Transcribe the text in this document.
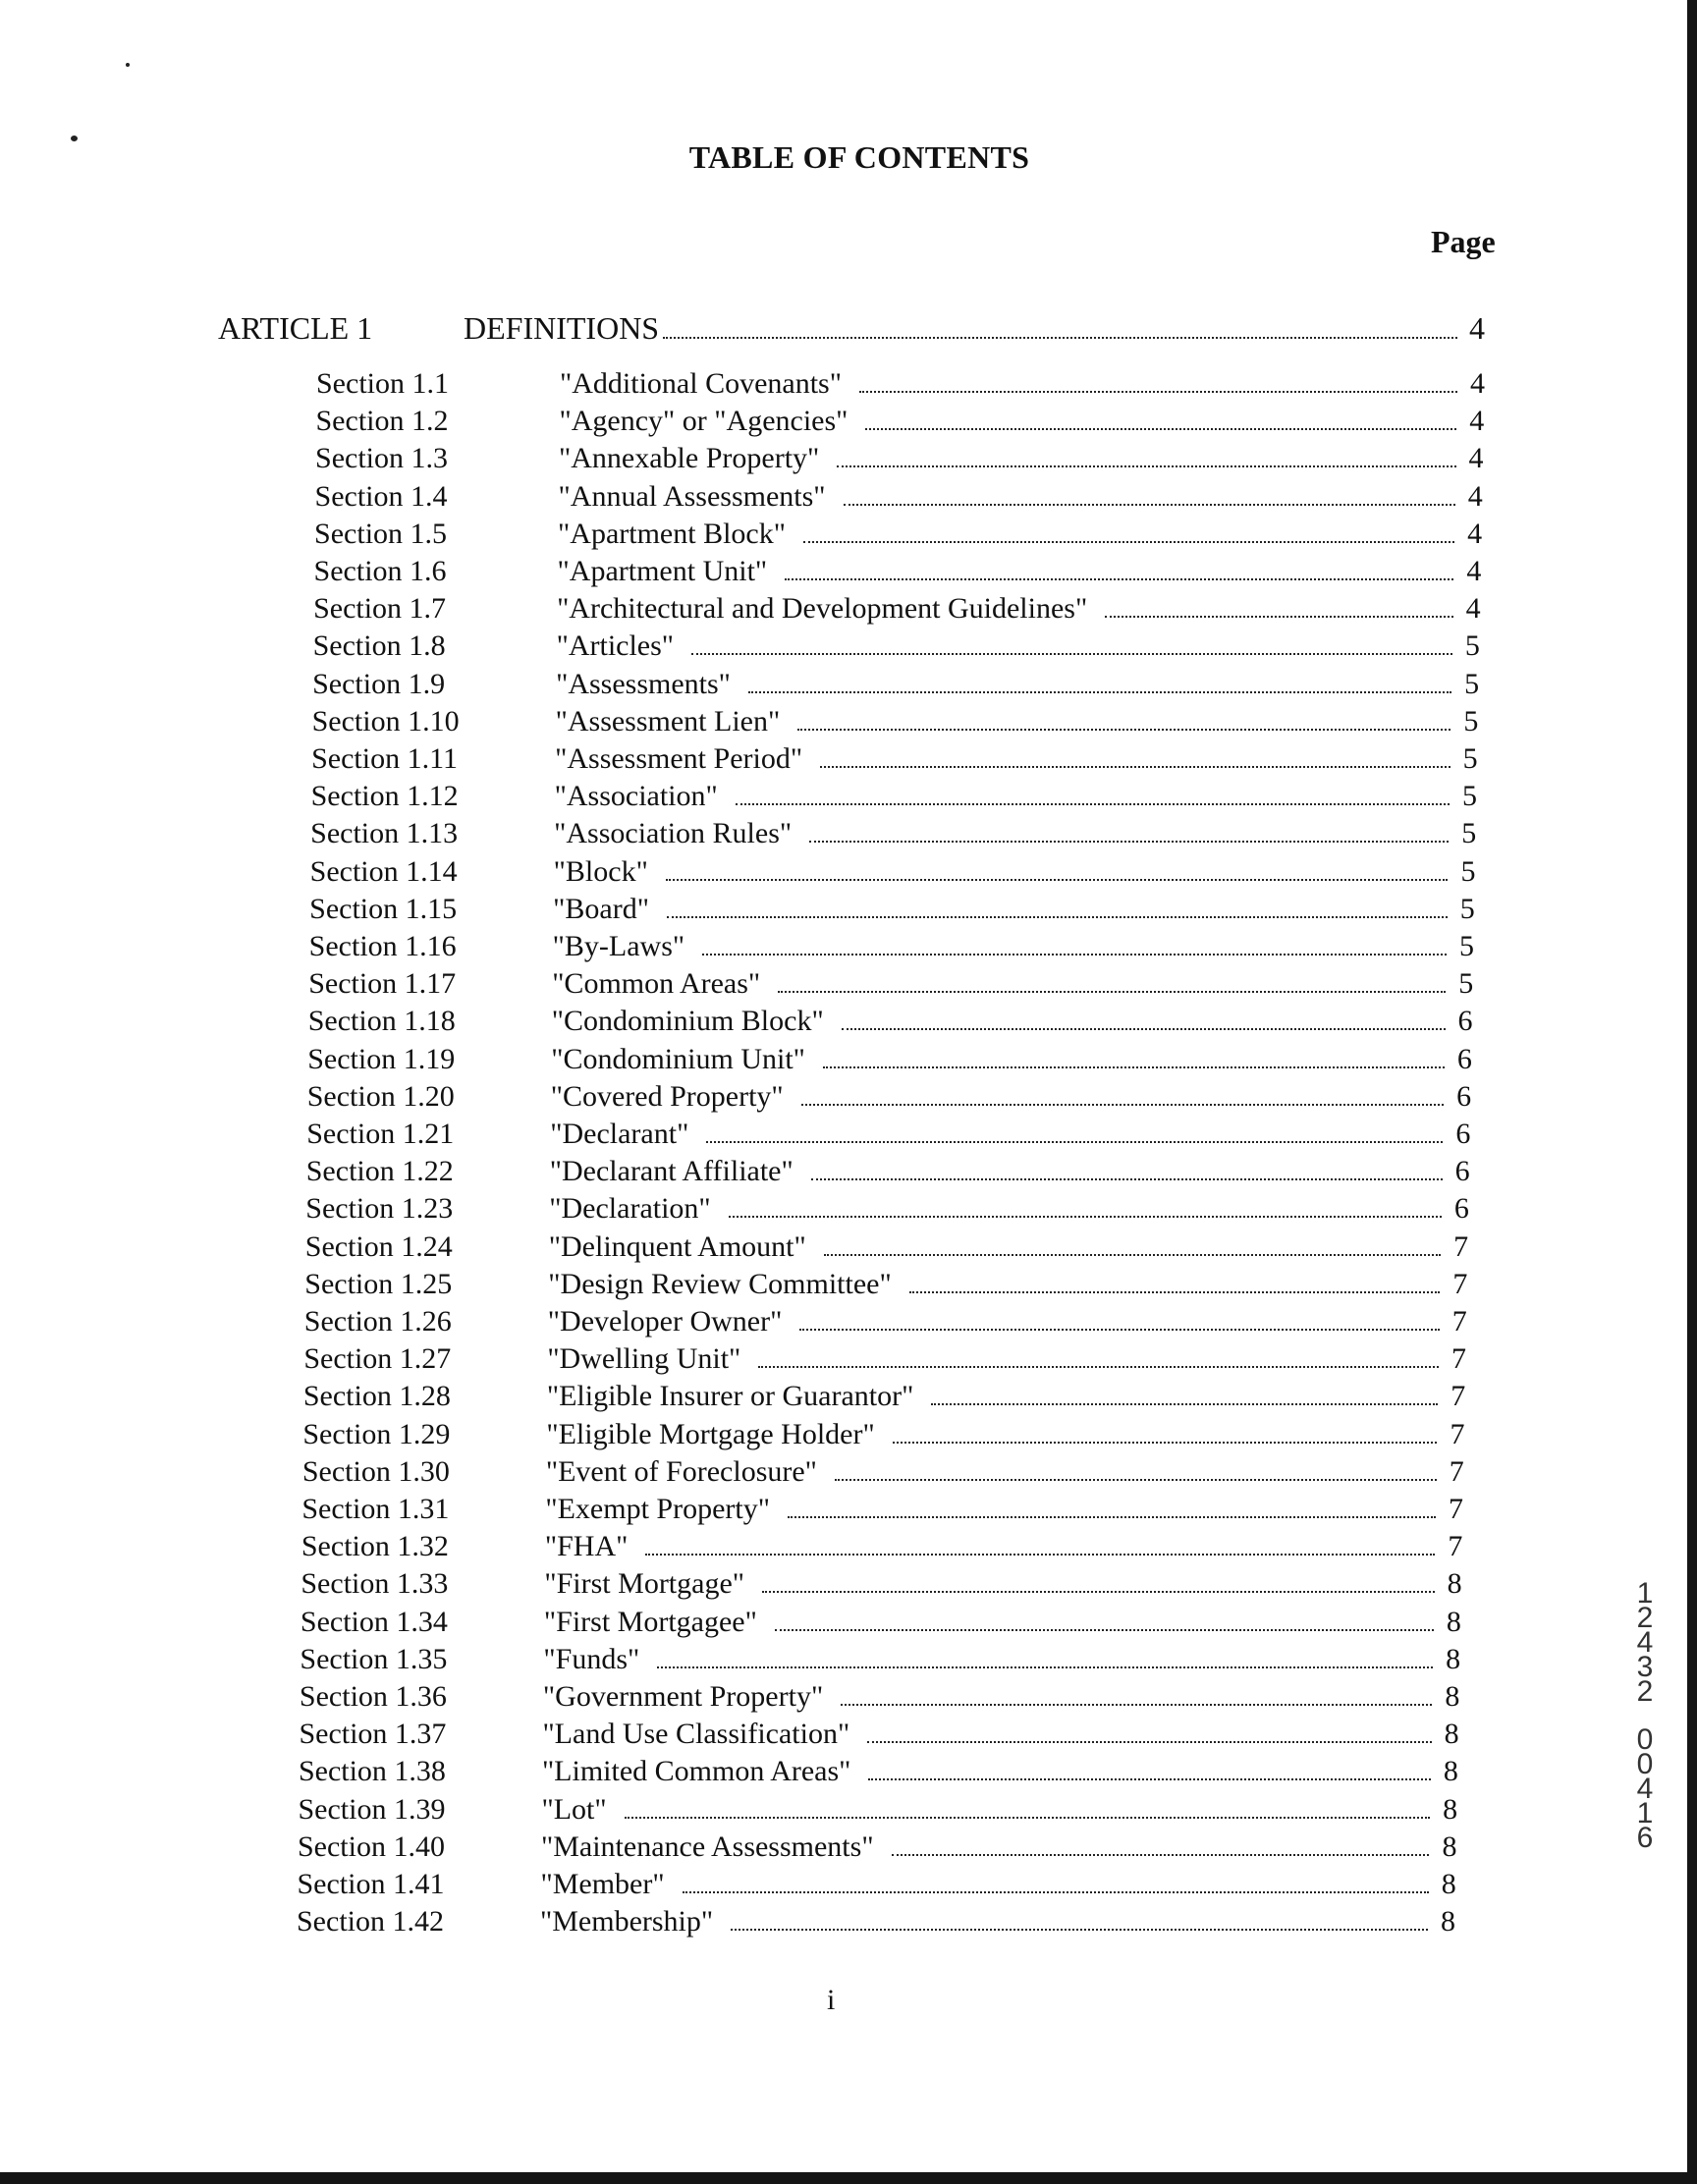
TABLE OF CONTENTS
Page
ARTICLE 1	DEFINITIONS	4
Section 1.1	"Additional Covenants"	4
Section 1.2	"Agency" or "Agencies"	4
Section 1.3	"Annexable Property"	4
Section 1.4	"Annual Assessments"	4
Section 1.5	"Apartment Block"	4
Section 1.6	"Apartment Unit"	4
Section 1.7	"Architectural and Development Guidelines"	4
Section 1.8	"Articles"	5
Section 1.9	"Assessments"	5
Section 1.10	"Assessment Lien"	5
Section 1.11	"Assessment Period"	5
Section 1.12	"Association"	5
Section 1.13	"Association Rules"	5
Section 1.14	"Block"	5
Section 1.15	"Board"	5
Section 1.16	"By-Laws"	5
Section 1.17	"Common Areas"	5
Section 1.18	"Condominium Block"	6
Section 1.19	"Condominium Unit"	6
Section 1.20	"Covered Property"	6
Section 1.21	"Declarant"	6
Section 1.22	"Declarant Affiliate"	6
Section 1.23	"Declaration"	6
Section 1.24	"Delinquent Amount"	7
Section 1.25	"Design Review Committee"	7
Section 1.26	"Developer Owner"	7
Section 1.27	"Dwelling Unit"	7
Section 1.28	"Eligible Insurer or Guarantor"	7
Section 1.29	"Eligible Mortgage Holder"	7
Section 1.30	"Event of Foreclosure"	7
Section 1.31	"Exempt Property"	7
Section 1.32	"FHA"	7
Section 1.33	"First Mortgage"	8
Section 1.34	"First Mortgagee"	8
Section 1.35	"Funds"	8
Section 1.36	"Government Property"	8
Section 1.37	"Land Use Classification"	8
Section 1.38	"Limited Common Areas"	8
Section 1.39	"Lot"	8
Section 1.40	"Maintenance Assessments"	8
Section 1.41	"Member"	8
Section 1.42	"Membership"	8
i
1
2
4
3
2
0
0
4
1
6
